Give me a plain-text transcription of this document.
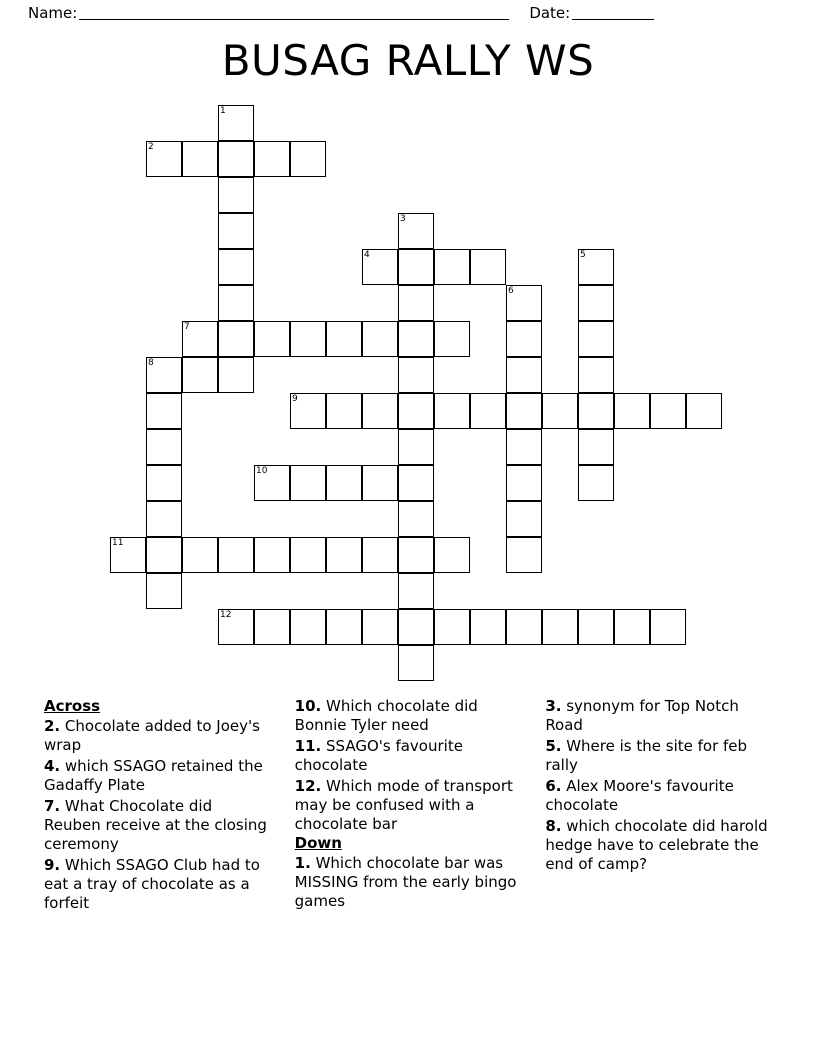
Name:	Date:
BUSAG RALLY WS
1
2
3
4	5
6
7
8
9
10
11
12
Across

2. Chocolate added to Joey's wrap

4. which SSAGO retained the Gadaffy Plate

7. What Chocolate did Reuben receive at the closing ceremony

9. Which SSAGO Club had to eat a tray of chocolate as a forfeit

10. Which chocolate did Bonnie Tyler need

11. SSAGO's favourite chocolate

12. Which mode of transport may be confused with a chocolate bar

Down

1. Which chocolate bar was MISSING from the early bingo games

3. synonym for Top Notch Road

5. Where is the site for feb rally

6. Alex Moore's favourite chocolate

8. which chocolate did harold hedge have to celebrate the end of camp?
